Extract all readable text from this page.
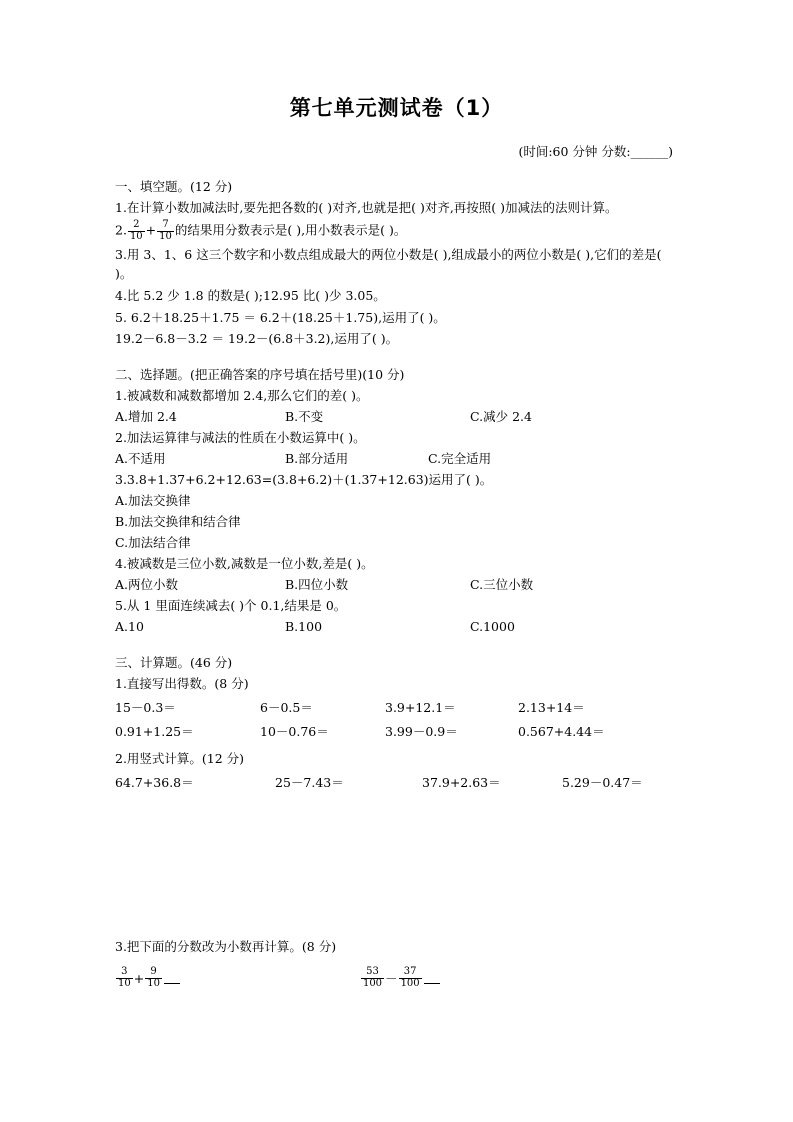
第七单元测试卷（1）
(时间:60 分钟 分数:______)
一、填空题。(12 分)
1.在计算小数加减法时,要先把各数的( )对齐,也就是把( )对齐,再按照( )加减法的法则计算。
2. $\frac{2}{10} + \frac{7}{10}$ 的结果用分数表示是( ),用小数表示是( )。
3.用 3、1、6 这三个数字和小数点组成最大的两位小数是( ),组成最小的两位小数是( ),它们的差是( )。
4.比 5.2 少 1.8 的数是( );12.95 比( )少 3.05。
5. 6.2＋18.25＋1.75 ＝ 6.2＋(18.25＋1.75),运用了( )。
19.2－6.8－3.2 ＝ 19.2－(6.8＋3.2),运用了( )。
二、选择题。(把正确答案的序号填在括号里)(10 分)
1.被减数和减数都增加 2.4,那么它们的差( )。
A.增加 2.4	B.不变	C.减少 2.4
2.加法运算律与减法的性质在小数运算中( )。
A.不适用	B.部分适用	C.完全适用
3.3.8+1.37+6.2+12.63=(3.8+6.2)＋(1.37+12.63)运用了( )。
A.加法交换律
B.加法交换律和结合律
C.加法结合律
4.被减数是三位小数,减数是一位小数,差是( )。
A.两位小数	B.四位小数	C.三位小数
5.从 1 里面连续减去( )个 0.1,结果是 0。
A.10	B.100	C.1000
三、计算题。(46 分)
1.直接写出得数。(8 分)
15－0.3＝	6－0.5＝	3.9+12.1＝	2.13+14＝
0.91+1.25＝	10－0.76＝	3.99－0.9＝	0.567+4.44＝
2.用竖式计算。(12 分)
64.7+36.8＝	25－7.43＝	37.9+2.63＝	5.29－0.47＝
3.把下面的分数改为小数再计算。(8 分)
$\frac{3}{10} + \frac{9}{10}$	$\frac{53}{100} - \frac{37}{100}$
